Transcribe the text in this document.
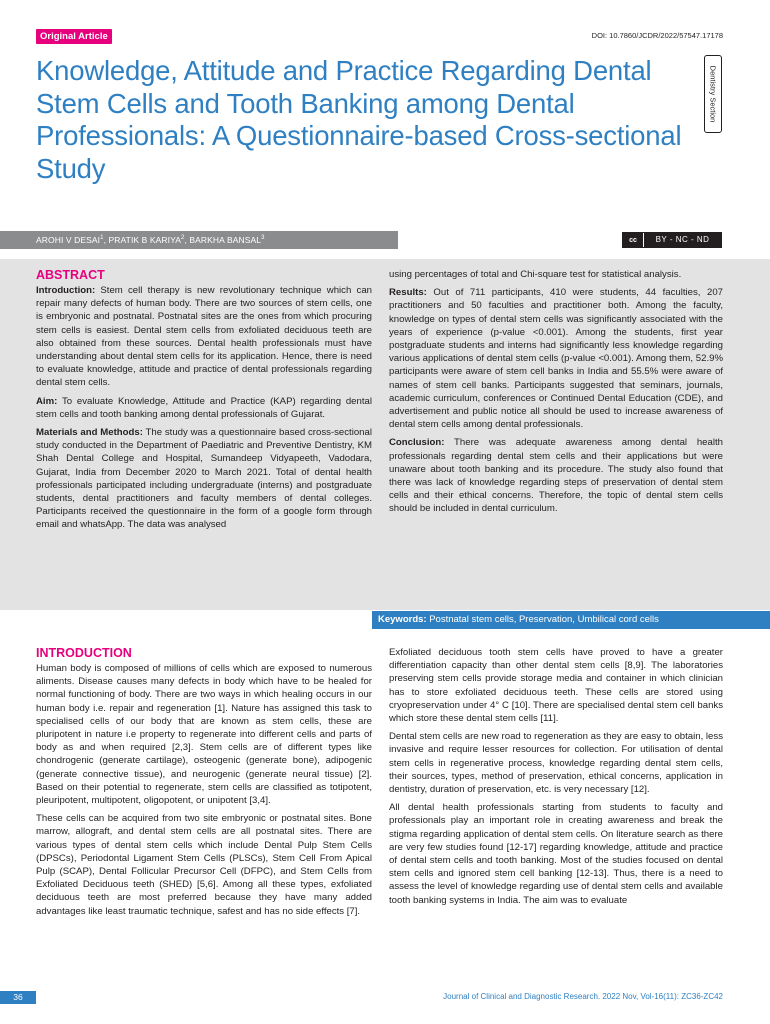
Original Article	DOI: 10.7860/JCDR/2022/57547.17178
Knowledge, Attitude and Practice Regarding Dental Stem Cells and Tooth Banking among Dental Professionals: A Questionnaire-based Cross-sectional Study
Dentistry Section
AROHI V DESAI$^1$, PRATIK B KARIYA$^2$, BARKHA BANSAL$^3$	cc	BY - NC - ND
ABSTRACT

Introduction: Stem cell therapy is new revolutionary technique which can repair many defects of human body. There are two sources of stem cells, one is embryonic and postnatal. Postnatal sites are the ones from which procuring stem cells is easiest. Dental stem cells from exfoliated deciduous teeth are also obtained from these sources. Dental health professionals must have understanding about dental stem cells for its application. Hence, there is need to evaluate knowledge, attitude and practice of dental professionals regarding dental stem cells.

Aim: To evaluate Knowledge, Attitude and Practice (KAP) regarding dental stem cells and tooth banking among dental professionals of Gujarat.

Materials and Methods: The study was a questionnaire based cross-sectional study conducted in the Department of Paediatric and Preventive Dentistry, KM Shah Dental College and Hospital, Sumandeep Vidyapeeth, Vadodara, Gujarat, India from December 2020 to March 2021. Total of dental health professionals participated including undergraduate (interns) and postgraduate students, dental practitioners and faculty members of dental colleges. Participants received the questionnaire in the form of a google form through email and whatsApp. The data was analysed

using percentages of total and Chi-square test for statistical analysis.

Results: Out of 711 participants, 410 were students, 44 faculties, 207 practitioners and 50 faculties and practitioner both. Among the faculty, knowledge on types of dental stem cells was significantly associated with the years of experience (p-value <0.001). Among the students, first year postgraduate students and interns had significantly less knowledge regarding various applications of dental stem cells (p-value <0.001). Among them, 52.9% participants were aware of stem cell banks in India and 55.5% were aware of names of stem cell banks. Participants suggested that seminars, journals, academic curriculum, conferences or Continued Dental Education (CDE), and advertisement and public notice all should be used to increase awareness of dental stem cells among dental professionals.

Conclusion: There was adequate awareness among dental health professionals regarding dental stem cells and their applications but were unaware about tooth banking and its procedure. The study also found that there was lack of knowledge regarding steps of preservation of dental stem cells and their ethical concerns. Therefore, the topic of dental stem cells should be included in dental curriculum.

Keywords: Postnatal stem cells, Preservation, Umbilical cord cells
INTRODUCTION

Human body is composed of millions of cells which are exposed to numerous aliments. Disease causes many defects in body which have to be healed for normal functioning of body. There are two ways in which healing occurs in our human body i.e. repair and regeneration [1]. Nature has assigned this task to specialised cells of our body that are known as stem cells, these are pluripotent in nature i.e property to regenerate into different cells and parts of body as and when required [2,3]. Stem cells are of different types like chondrogenic (generate cartilage), osteogenic (generate bone), adipogenic (generate connective tissue), and neurogenic (generate neural tissue) [2]. Based on their potential to regenerate, stem cells are classified as totipotent, pleuripotent, multipotent, oligopotent, or unipotent [3,4].

These cells can be acquired from two site embryonic or postnatal sites. Bone marrow, allograft, and dental stem cells are all postnatal sites. There are various types of dental stem cells which include Dental Pulp Stem Cells (DPSCs), Periodontal Ligament Stem Cells (PLSCs), Stem Cell From Apical Pulp (SCAP), Dental Follicular Precursor Cell (DFPC), and Stem Cells from Exfoliated Deciduous teeth (SHED) [5,6]. Among all these types, exfoliated deciduous teeth are most preferred because they have many added advantages like least traumatic technique, safest and has no side effects [7].

Exfoliated deciduous tooth stem cells have proved to have a greater differentiation capacity than other dental stem cells [8,9]. The laboratories preserving stem cells provide storage media and container in which clinician has to store exfoliated deciduous teeth. These cells are stored using cryopreservation under 4° C [10]. There are specialised dental stem cell banks which store these dental stem cells [11].

Dental stem cells are new road to regeneration as they are easy to obtain, less invasive and require lesser resources for collection. For utilisation of dental stem cells in regenerative process, knowledge regarding dental stem cells, their sources, types, method of preservation, ethical concerns, application in dentistry, duration of preservation, etc. is very necessary [12].

All dental health professionals starting from students to faculty and professionals play an important role in creating awareness and break the stigma regarding application of dental stem cells. On literature search as there are very few studies found [12-17] regarding knowledge, attitude and practice of dental stem cells and tooth banking. Most of the studies focused on dental stem cells and ignored stem cell banking [12-13]. Thus, there is a need to assess the level of knowledge regarding use of dental stem cells and available tooth banking systems in India. The aim was to evaluate

36	Journal of Clinical and Diagnostic Research. 2022 Nov, Vol-16(11): ZC36-ZC42
